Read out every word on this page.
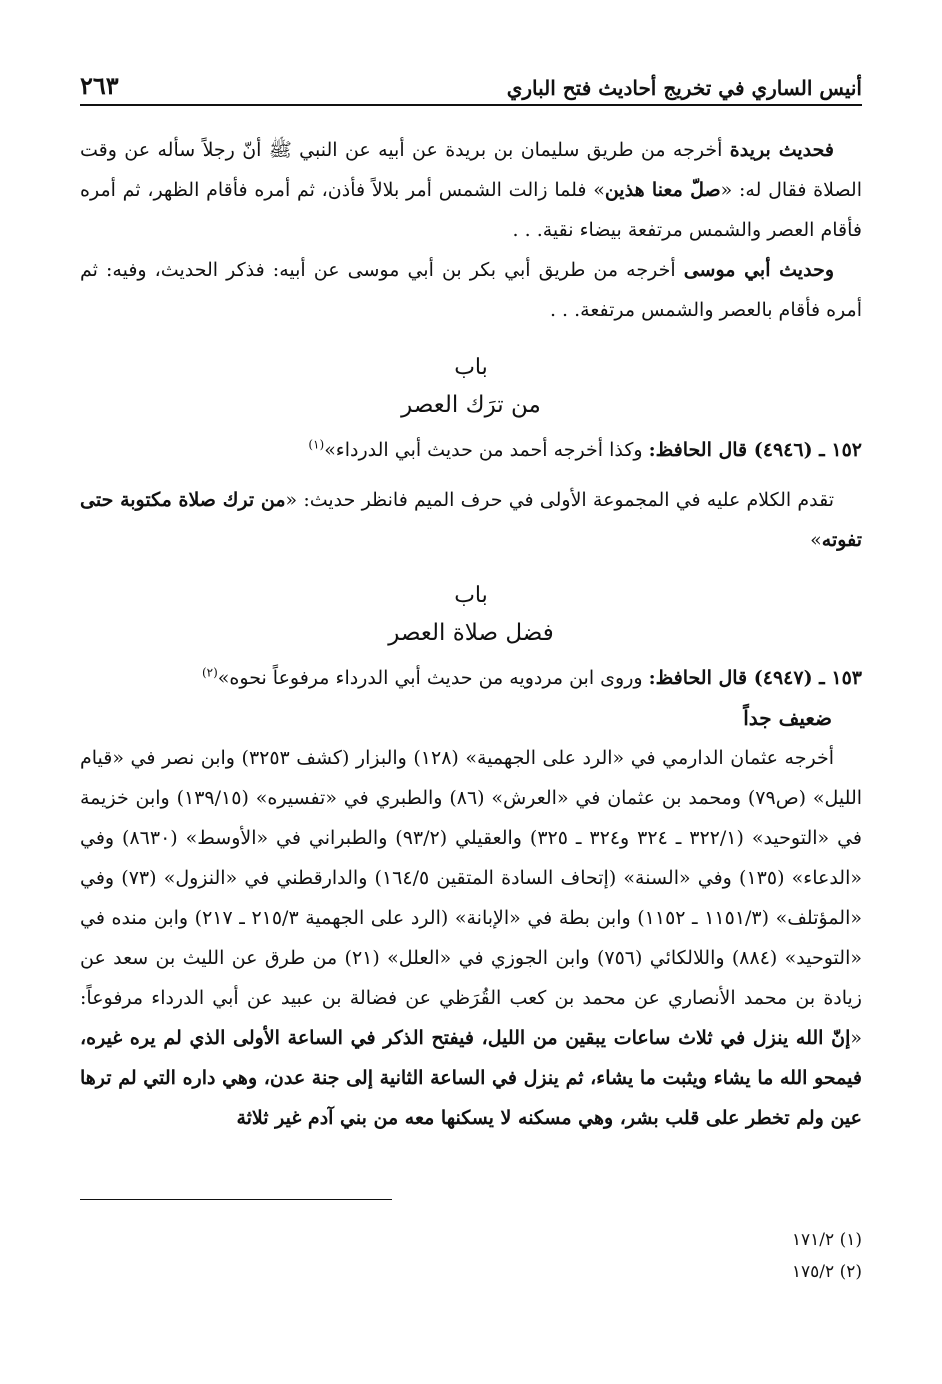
أنيس الساري في تخريج أحاديث فتح الباري
٢٦٣

فحديث بريدة أخرجه من طريق سليمان بن بريدة عن أبيه عن النبي ﷺ أنّ رجلاً سأله عن وقت الصلاة فقال له: «صلّ معنا هذين» فلما زالت الشمس أمر بلالاً فأذن، ثم أمره فأقام الظهر، ثم أمره فأقام العصر والشمس مرتفعة بيضاء نقية. . .

وحديث أبي موسى أخرجه من طريق أبي بكر بن أبي موسى عن أبيه: فذكر الحديث، وفيه: ثم أمره فأقام بالعصر والشمس مرتفعة. . .

باب
من ترَك العصر

١٥٢ ـ (٤٩٤٦) قال الحافظ: وكذا أخرجه أحمد من حديث أبي الدرداء»$^{(١)}$

تقدم الكلام عليه في المجموعة الأولى في حرف الميم فانظر حديث: «من ترك صلاة مكتوبة حتى تفوته»

باب
فضل صلاة العصر

١٥٣ ـ (٤٩٤٧) قال الحافظ: وروى ابن مردويه من حديث أبي الدرداء مرفوعاً نحوه»$^{(٢)}$

ضعيف جداً

أخرجه عثمان الدارمي في «الرد على الجهمية» (١٢٨) والبزار (كشف ٣٢٥٣) وابن نصر في «قيام الليل» (ص٧٩) ومحمد بن عثمان في «العرش» (٨٦) والطبري في «تفسيره» (١٣٩/١٥) وابن خزيمة في «التوحيد» (٣٢٢/١ ـ ٣٢٤ و٣٢٤ ـ ٣٢٥) والعقيلي (٩٣/٢) والطبراني في «الأوسط» (٨٦٣٠) وفي «الدعاء» (١٣٥) وفي «السنة» (إتحاف السادة المتقين ١٦٤/٥) والدارقطني في «النزول» (٧٣) وفي «المؤتلف» (١١٥١/٣ ـ ١١٥٢) وابن بطة في «الإبانة» (الرد على الجهمية ٢١٥/٣ ـ ٢١٧) وابن منده في «التوحيد» (٨٨٤) واللالكائي (٧٥٦) وابن الجوزي في «العلل» (٢١) من طرق عن الليث بن سعد عن زيادة بن محمد الأنصاري عن محمد بن كعب القُرَظي عن فضالة بن عبيد عن أبي الدرداء مرفوعاً: «إنّ الله ينزل في ثلاث ساعات يبقين من الليل، فيفتح الذكر في الساعة الأولى الذي لم يره غيره، فيمحو الله ما يشاء ويثبت ما يشاء، ثم ينزل في الساعة الثانية إلى جنة عدن، وهي داره التي لم ترها عين ولم تخطر على قلب بشر، وهي مسكنه لا يسكنها معه من بني آدم غير ثلاثة

(١) ١٧١/٢
(٢) ١٧٥/٢
